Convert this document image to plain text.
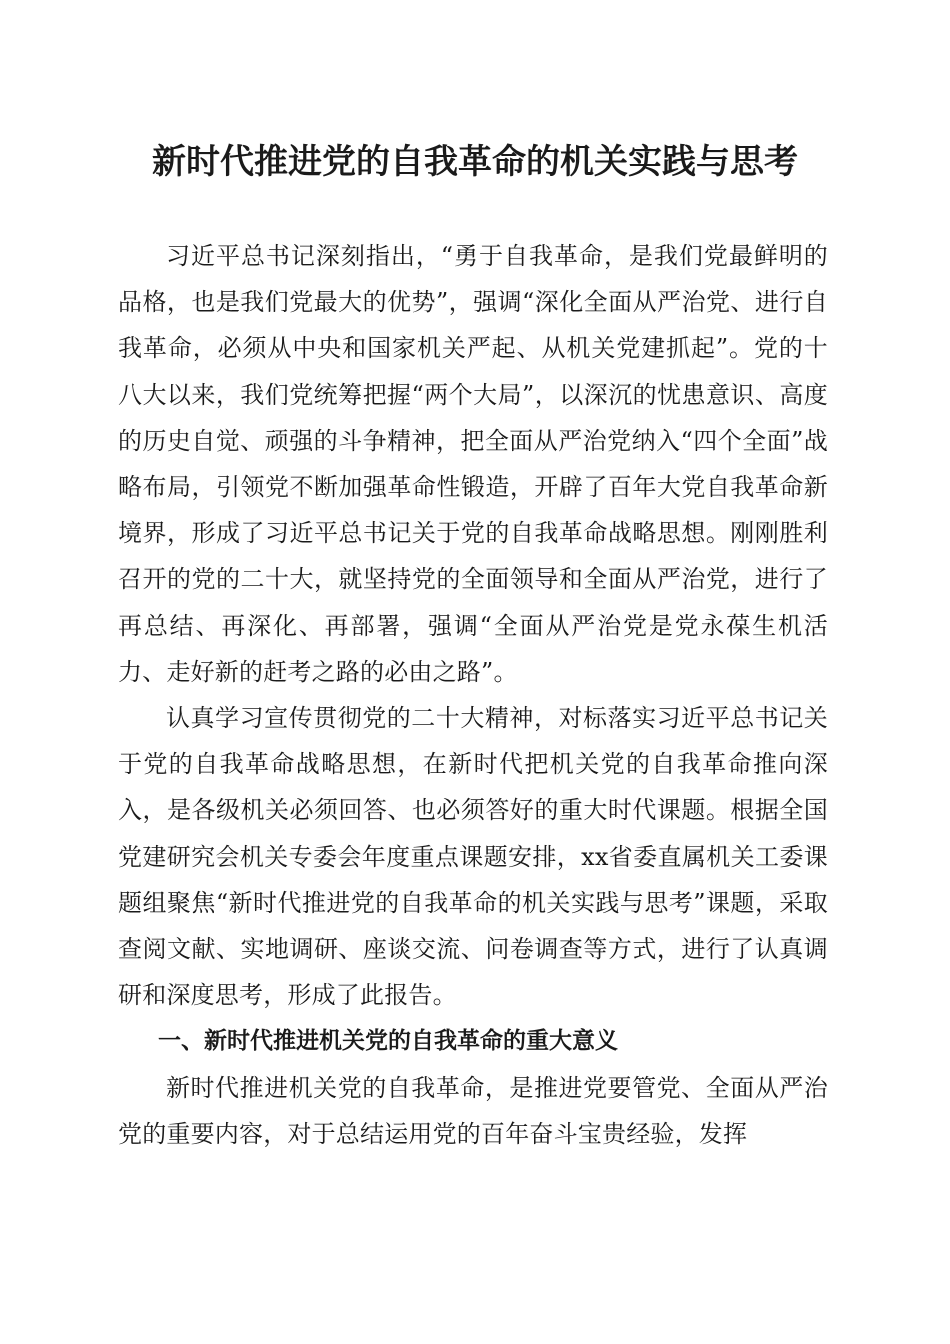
新时代推进党的自我革命的机关实践与思考

习近平总书记深刻指出，“勇于自我革命，是我们党最鲜明的品格，也是我们党最大的优势”，强调“深化全面从严治党、进行自我革命，必须从中央和国家机关严起、从机关党建抓起”。党的十八大以来，我们党统筹把握“两个大局”，以深沉的忧患意识、高度的历史自觉、顽强的斗争精神，把全面从严治党纳入“四个全面”战略布局，引领党不断加强革命性锻造，开辟了百年大党自我革命新境界，形成了习近平总书记关于党的自我革命战略思想。刚刚胜利召开的党的二十大，就坚持党的全面领导和全面从严治党，进行了再总结、再深化、再部署，强调“全面从严治党是党永葆生机活力、走好新的赶考之路的必由之路”。

认真学习宣传贯彻党的二十大精神，对标落实习近平总书记关于党的自我革命战略思想，在新时代把机关党的自我革命推向深入，是各级机关必须回答、也必须答好的重大时代课题。根据全国党建研究会机关专委会年度重点课题安排，xx省委直属机关工委课题组聚焦“新时代推进党的自我革命的机关实践与思考”课题，采取查阅文献、实地调研、座谈交流、问卷调查等方式，进行了认真调研和深度思考，形成了此报告。

一、新时代推进机关党的自我革命的重大意义

新时代推进机关党的自我革命，是推进党要管党、全面从严治党的重要内容，对于总结运用党的百年奋斗宝贵经验，发挥
